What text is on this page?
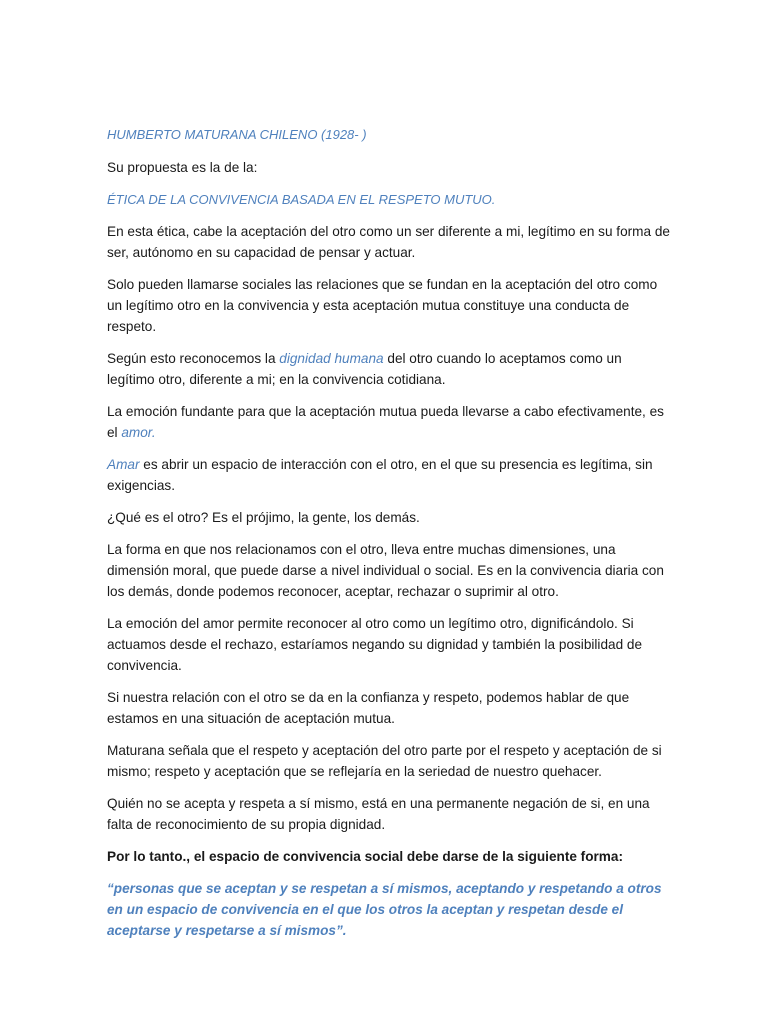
HUMBERTO MATURANA CHILENO (1928- )

Su propuesta es la de la:

ÉTICA DE LA CONVIVENCIA BASADA EN EL RESPETO MUTUO.

En esta ética, cabe la aceptación del otro como un ser diferente a mi, legítimo en su forma de ser, autónomo en su capacidad de pensar y actuar.

Solo pueden llamarse sociales las relaciones que se fundan en la aceptación del otro como un legítimo otro en la convivencia y esta aceptación mutua constituye una conducta de respeto.

Según esto reconocemos la dignidad humana del otro cuando lo aceptamos como un legítimo otro, diferente a mi; en la convivencia cotidiana.

La emoción fundante para que la aceptación mutua pueda llevarse a cabo efectivamente, es el amor.

Amar es abrir un espacio de interacción con el otro, en el que su presencia es legítima, sin exigencias.

¿Qué es el otro? Es el prójimo, la gente, los demás.

La forma en que nos relacionamos con el otro, lleva entre muchas dimensiones, una dimensión moral, que puede darse a nivel individual o social. Es en la convivencia diaria con los demás, donde podemos reconocer, aceptar, rechazar o suprimir al otro.

La emoción del amor permite reconocer al otro como un legítimo otro, dignificándolo. Si actuamos desde el rechazo, estaríamos negando su dignidad y también la posibilidad de convivencia.

Si nuestra relación con el otro se da en la confianza y respeto, podemos hablar de que estamos en una situación de aceptación mutua.

Maturana señala que el respeto y aceptación del otro parte por el respeto y aceptación de si mismo; respeto y aceptación que se reflejaría en la seriedad de nuestro quehacer.

Quién no se acepta y respeta a sí mismo, está en una permanente negación de si, en una falta de reconocimiento de su propia dignidad.

Por lo tanto., el espacio de convivencia social debe darse de la siguiente forma:

“personas que se aceptan y se respetan a sí mismos, aceptando y respetando a otros en un espacio de convivencia en el que los otros la aceptan y respetan desde el aceptarse y respetarse a sí mismos”.
